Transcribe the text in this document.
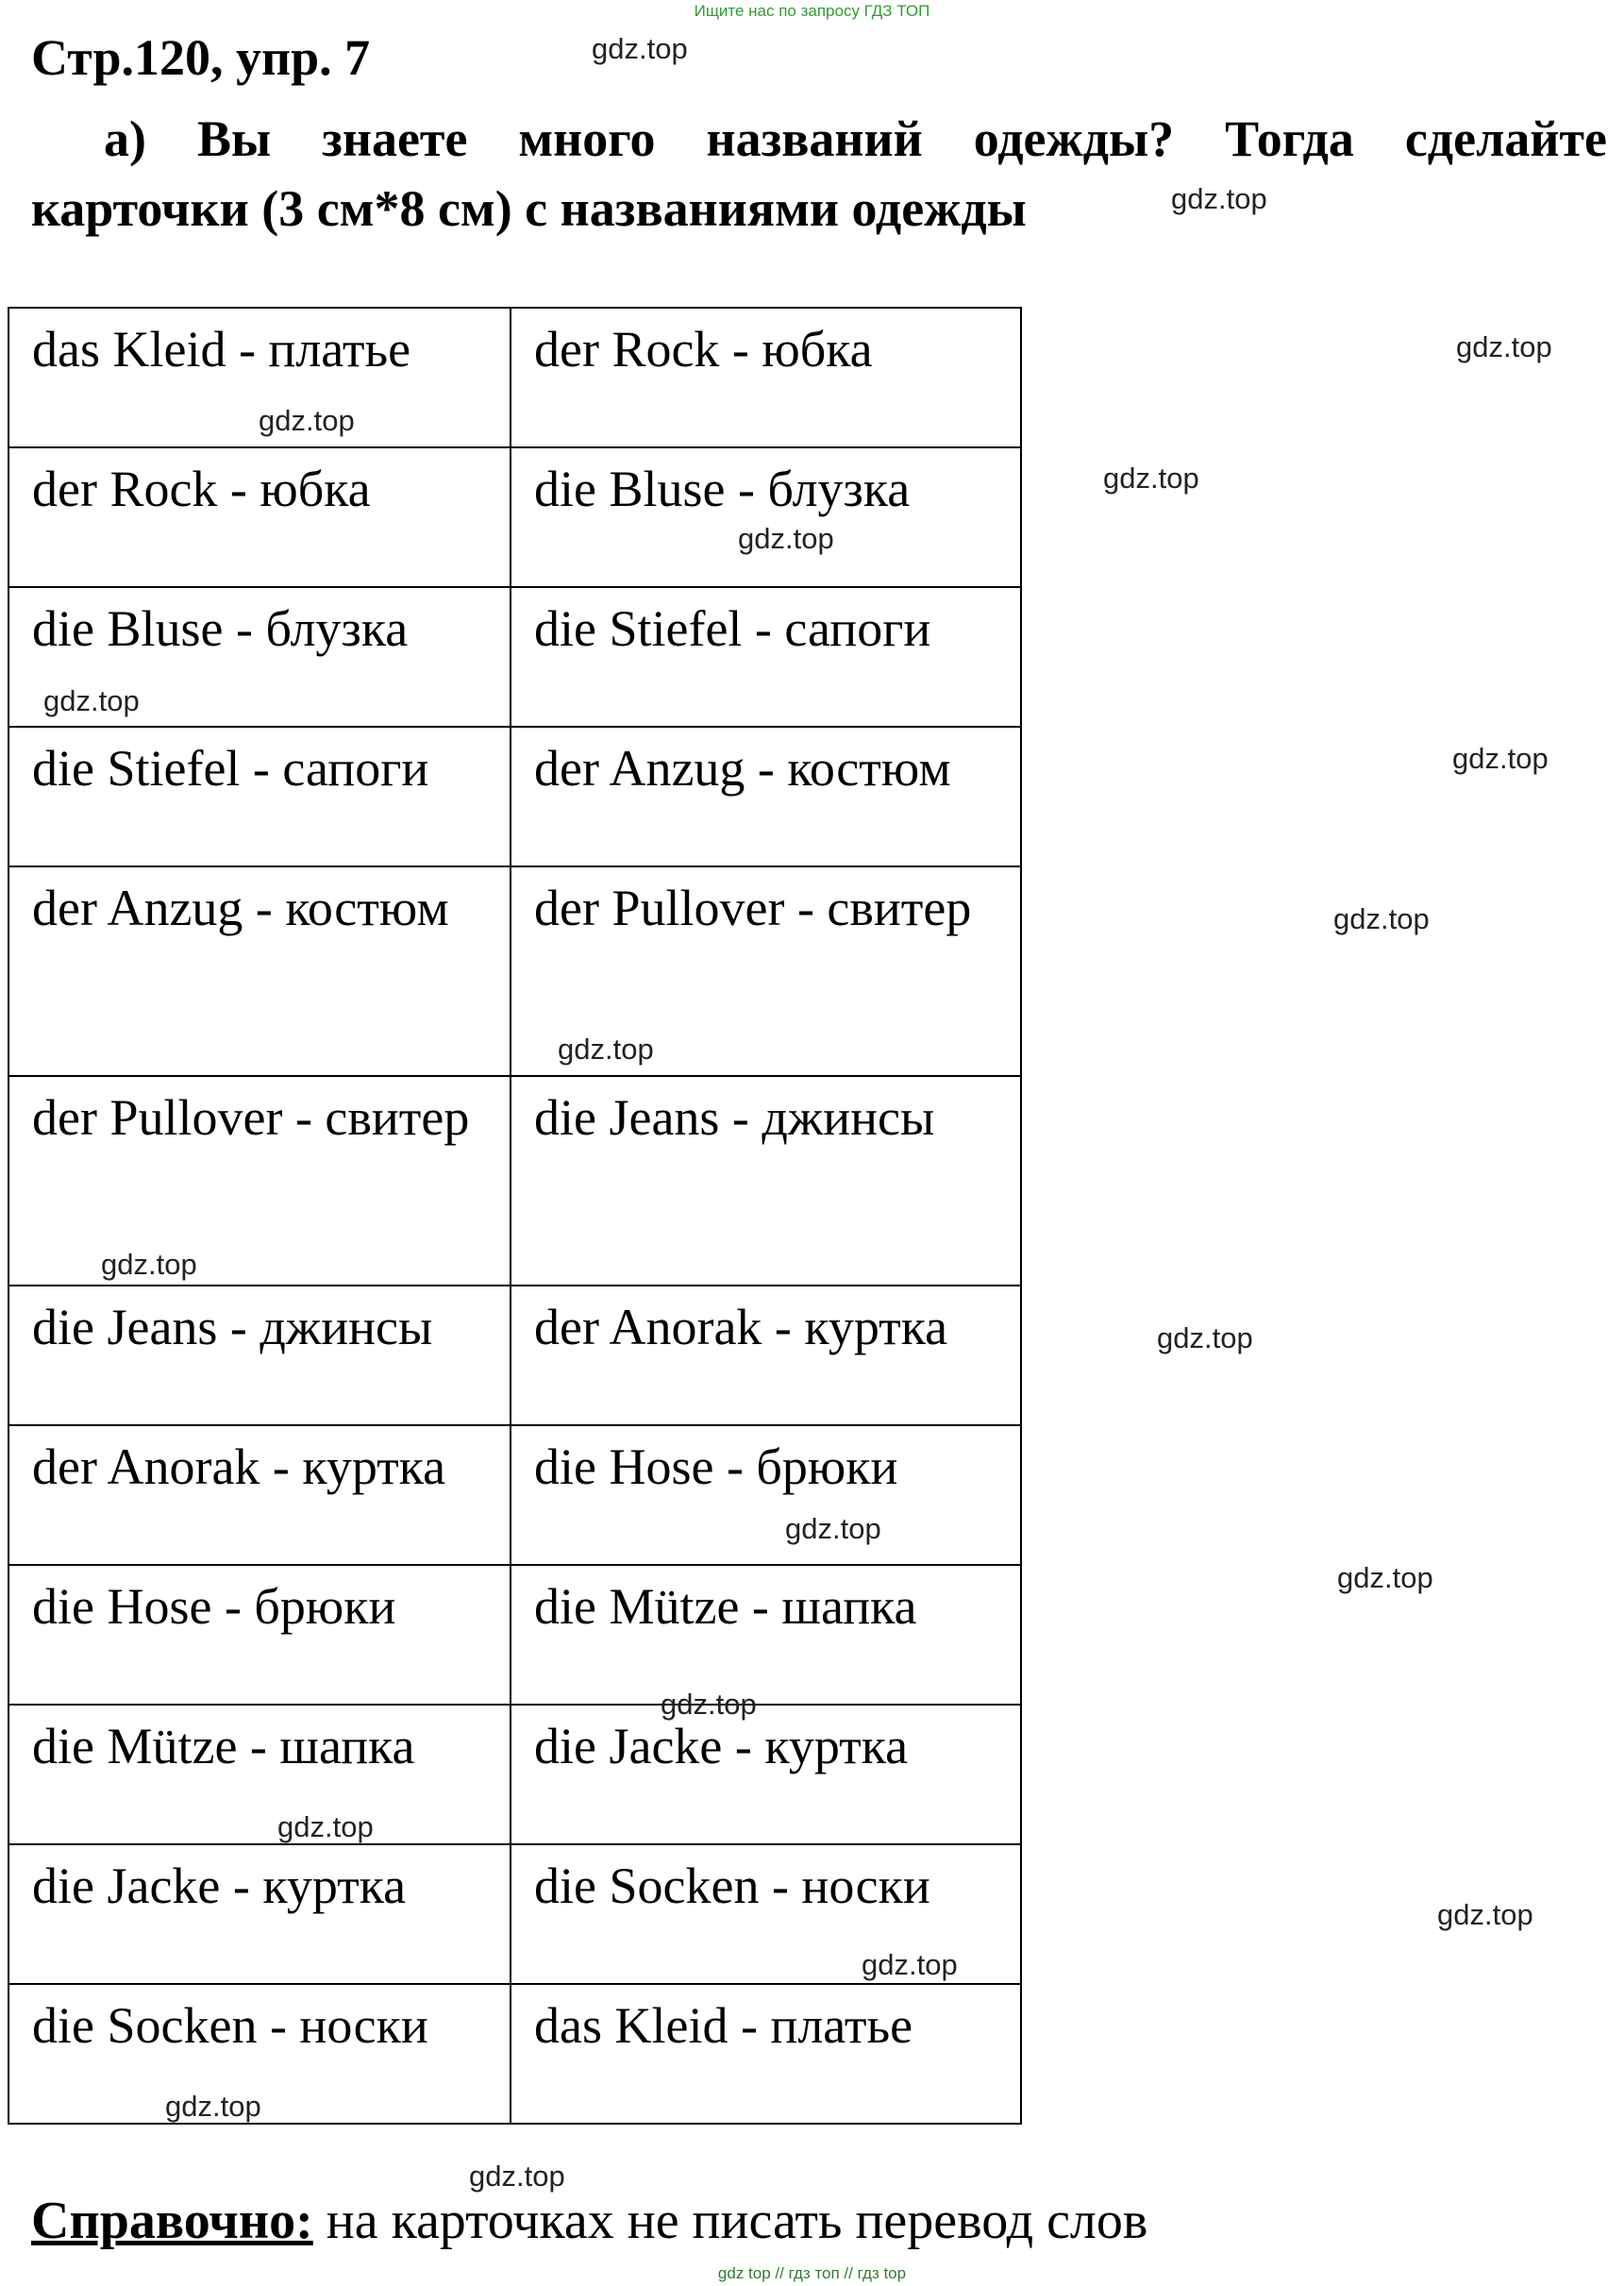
Ищите нас по запросу ГДЗ ТОП
Стр.120, упр. 7

а) Вы знаете много названий одежды? Тогда сделайте
карточки (3 см*8 см) с названиями одежды

das Kleid - платье	der Rock - юбка

der Rock - юбка	die Bluse - блузка

die Bluse - блузка	die Stiefel - сапоги

die Stiefel - сапоги	der Anzug - костюм

der Anzug - костюм	der Pullover - свитер

der Pullover - свитер	die Jeans - джинсы

die Jeans - джинсы	der Anorak - куртка

der Anorak - куртка	die Hose - брюки

die Hose - брюки	die Mütze - шапка

die Mütze - шапка	die Jacke - куртка

die Jacke - куртка	die Socken - носки

die Socken - носки	das Kleid - платье
gdz.top
gdz.top
gdz.top
gdz.top
gdz.top
gdz.top
gdz.top
gdz.top
gdz.top
gdz.top
gdz.top
gdz.top
gdz.top
gdz.top
gdz.top
gdz.top
gdz.top
gdz.top
gdz.top
gdz.top
Справочно: на карточках не писать перевод слов
gdz top // гдз топ // гдз top
